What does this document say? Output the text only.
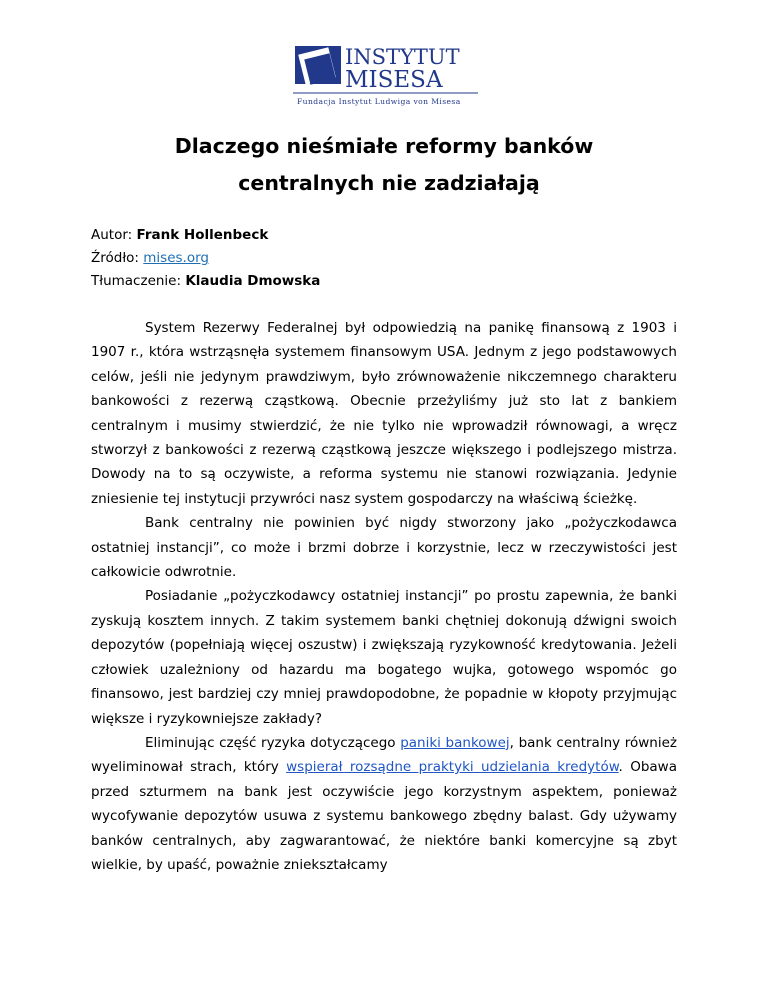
INSTYTUT
MISESA
Fundacja Instytut Ludwiga von Misesa
Dlaczego nieśmiałe reformy banków
centralnych nie zadziałają
Autor: Frank Hollenbeck
Źródło: mises.org
Tłumaczenie: Klaudia Dmowska

System Rezerwy Federalnej był odpowiedzią na panikę finansową z 1903 i 1907 r., która wstrząsnęła systemem finansowym USA. Jednym z jego podstawowych celów, jeśli nie jedynym prawdziwym, było zrównoważenie nikczemnego charakteru bankowości z rezerwą cząstkową. Obecnie przeżyliśmy już sto lat z bankiem centralnym i musimy stwierdzić, że nie tylko nie wprowadził równowagi, a wręcz stworzył z bankowości z rezerwą cząstkową jeszcze większego i podlejszego mistrza. Dowody na to są oczywiste, a reforma systemu nie stanowi rozwiązania. Jedynie zniesienie tej instytucji przywróci nasz system gospodarczy na właściwą ścieżkę.

Bank centralny nie powinien być nigdy stworzony jako „pożyczkodawca ostatniej instancji”, co może i brzmi dobrze i korzystnie, lecz w rzeczywistości jest całkowicie odwrotnie.

Posiadanie „pożyczkodawcy ostatniej instancji” po prostu zapewnia, że banki zyskują kosztem innych. Z takim systemem banki chętniej dokonują dźwigni swoich depozytów (popełniają więcej oszustw) i zwiększają ryzykowność kredytowania. Jeżeli człowiek uzależniony od hazardu ma bogatego wujka, gotowego wspomóc go finansowo, jest bardziej czy mniej prawdopodobne, że popadnie w kłopoty przyjmując większe i ryzykowniejsze zakłady?

Eliminując część ryzyka dotyczącego paniki bankowej, bank centralny również wyeliminował strach, który wspierał rozsądne praktyki udzielania kredytów. Obawa przed szturmem na bank jest oczywiście jego korzystnym aspektem, ponieważ wycofywanie depozytów usuwa z systemu bankowego zbędny balast. Gdy używamy banków centralnych, aby zagwarantować, że niektóre banki komercyjne są zbyt wielkie, by upaść, poważnie zniekształcamy
